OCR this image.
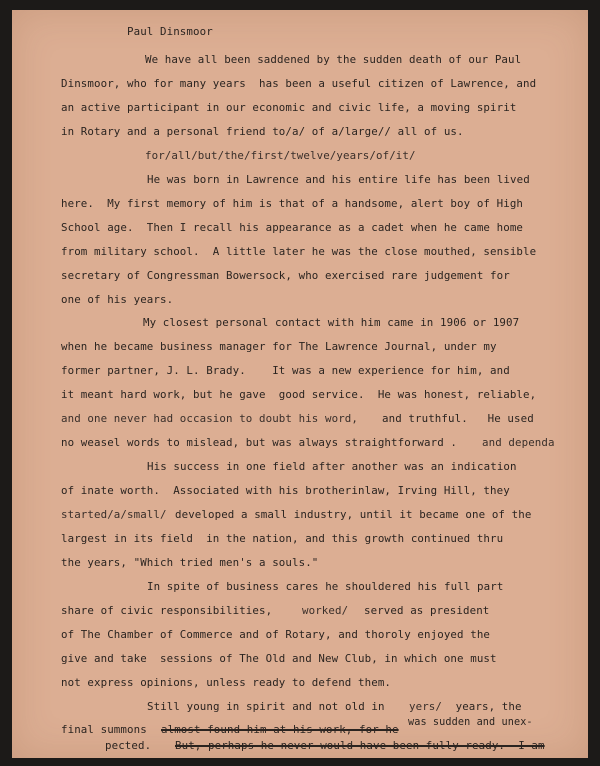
Paul Dinsmoor
We have all been saddened by the sudden death of our Paul
Dinsmoor, who for many years  has been a useful citizen of Lawrence, and
an active participant in our economic and civic life, a moving spirit
in Rotary and a personal friend to/a/ of a/large// all of us.
for/all/but/the/first/twelve/years/of/it/
He was born in Lawrence and his entire life has been lived
here.  My first memory of him is that of a handsome, alert boy of High
School age.  Then I recall his appearance as a cadet when he came home
from military school.  A little later he was the close mouthed, sensible
secretary of Congressman Bowersock, who exercised rare judgement for
one of his years.
My closest personal contact with him came in 1906 or 1907
when he became business manager for The Lawrence Journal, under my
former partner, J. L. Brady.    It was a new experience for him, and
it meant hard work, but he gave  good service.  He was honest, reliable,
and one never had occasion to doubt his word, and truthful.   He used
no weasel words to mislead, but was always straightforward . and dependa
His success in one field after another was an indication
of inate worth.  Associated with his brotherinlaw, Irving Hill, they
started/a/small/ developed a small industry, until it became one of the
largest in its field  in the nation, and this growth continued thru
the years, "Which tried men's a souls."
In spite of business cares he shouldered his full part
share of civic responsibilities,	worked/ served as president
of The Chamber of Commerce and of Rotary, and thoroly enjoyed the
give and take  sessions of The Old and New Club, in which one must
not express opinions, unless ready to defend them.
Still young in spirit and not old in yers/ years, the
was sudden and unex-
final summons almost found him at his work, for he
pected. But, perhaps he never would have been fully ready.  I am
